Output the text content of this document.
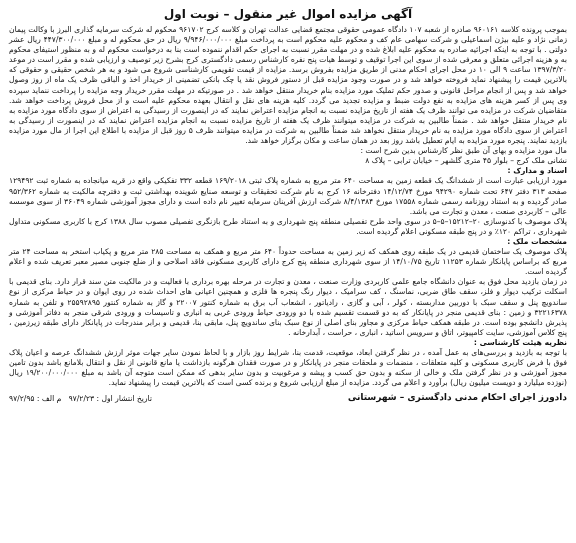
آگهی مزایده اموال غیر منقول – نوبت اول

بموجب پرونده کلاسه ۹۶۰۱۶۱ صادره از شعبه ۱۰۷ دادگاه عمومی حقوقی مجتمع قضایی عدالت تهران و کلاسه کرج ۹۶۱۷۰۲ محکوم له شرکت سرمایه گذاری البرز با وکالت پیمان زمانی نژاد و علیه بیژن اسماعیلی و شرکت سهامی عام کف و محکوم علیه محکوم است به پرداخت مبلغ ۹/۹۴۶/۰۰۰/۰۰۰ ریال در حق محکوم له و مبلغ ۴۴۷/۳۰۰/۰۰۰ ریال عشر دولتی . با توجه به اینکه اجرائیه صادره به محکوم علیه ابلاغ شده و در مهلت مقرر نسبت به اجرای حکم اقدام ننموده است بنا به درخواست محکوم له و به منظور استیفای محکوم به و هزینه اجرائی متعلق و معرفی شده از سوی این اجرا توقیف و توسط هیات پنج نفره کارشناس رسمی دادگستری کرج بشرح زیر توصیف و ارزیابی شده و مقرر است در موعد ۱۳۹۷/۳/۲۰ ساعت ۹ الی ۱۰ در محل اجرای احکام مدنی از طریق مزایده بفروش برسد. مزایده از قیمت تقویمی کارشناسی شروع می شود و به هر شخص حقیقی و حقوقی که بالاترین قیمت را پیشنهاد نماید فروخته خواهد شد و در صورت وجود مزایده قبل از دستور فروش نقد یا چک بانکی تضمینی از خریدار اخذ و الباقی ظرف یک ماه از روز وصول خواهد شد و پس از انجام مراحل قانونی و صدور حکم تملیک مورد مزایده بنام خریدار منتقل خواهد شد . در صورتیکه در مهلت مقرر خریدار وجه مزایده را پرداخت ننماید سپرده وی پس از کسر هزینه های مزایده به نفع دولت ضبط و مزایده تجدید می گردد. کلیه هزینه های نقل و انتقال بعهده محکوم علیه است و از محل فروش پرداخت خواهد شد. متقاضیان شرکت در مزایده می توانند ظرف یک هفته از تاریخ مزایده نسبت به انجام مزایده اعتراض نمایند که در اینصورت از رسیدگی به اعتراض از سوی دادگاه مورد مزایده به نام خریدار منتقل خواهد شد . ضمناً طالبین به شرکت در مزایده میتوانند ظرف یک هفته از تاریخ مزایده نسبت به انجام مزایده اعتراض نمایند که در اینصورت از رسیدگی به اعتراض از سوی دادگاه مورد مزایده به نام خریدار منتقل نخواهد شد ضمناً طالبین به شرکت در مزایده میتوانند ظرف ۵ روز قبل از مزایده با اطلاع این اجرا از مال مورد مزایده بازدید نمایند. پنجره مورد مزایده به ایام تعطیل باشد روز بعد در همان ساعت و مکان برگزار خواهد شد.

مال مورد مزایده و بهای آن طبق نظر کارشناس بدین شرح است :

نشانی ملک کرج – بلوار ۴۵ متری گلشهر – خیابان ترابی – پلاک ۸

اسناد و مدارک :

مورد ارزیابی عبارت است از ششدانگ یک قطعه زمین به مساحت ۶۴۰ متر مربع به شماره پلاک ثبتی ۱۶۹/۲۰۱۸ قطعه ۳۳۲ تفکیکی واقع در قریه میانجاده به شماره ثبت ۱۲۹۴۹۲ صفحه ۳۱۳ دفتر ۶۴۷ تحت شماره ۹۴۲۹۰ مورخ ۱۴/۱۲/۷۴ دفترخانه ۱۶ کرج به نام شرکت تحقیقات و توسعه صنایع شوینده بهداشتی ثبت و دفترچه مالکیت به شماره ۹۵۲/۳۶۲ صادر گردیده و به استناد روزنامه رسمی شماره ۱۷۵۵۸ مورخ ۸/۴/۱۳۸۴ شرکت ارزش آفرینان سرمایه تغییر نام داده است و دارای مجوز آموزشی شماره ۳۶۰۴۹ از سوی موسسه عالی – کاربردی صنعت ، معدن و تجارت می باشد.

پلاک موصوف با کدنوسازی ۲۰–۱۵۲۱۲–۵–۵ در سوی واحد طرح تفصیلی منطقه پنج شهرداری و به استناد طرح بازنگری تفصیلی مصوب سال ۱۳۸۸ کرج با کاربری مسکونی متداول شهرداری ، تراکم ۱۲۰٪ و در پنج طبقه مسکونی اعلام گردیده است.

مشخصات ملک :

پلاک موصوف یک ساختمان قدیمی در یک طبقه روی همکف که زیر زمین به مساحت حدوداً ۶۴۰ متر مربع و همکف به مساحت ۲۸۵ متر مربع و پکیاب استخر به مساحت ۲۴ متر مربع که براساس پایانکار شماره ۱۱۲۵۳ تاریخ ۱۴/۱۰/۷۵ از سوی شهرداری منطقه پنج کرج دارای کاربری مسکونی فاقد اصلاحی و از ضلع جنوبی مصیر معبر تعریف شده و اعلام گردیده است.

در زمان بازدید محل فوق به عنوان دانشگاه جامع علمی کاربردی وزارت صنعت ، معدن و تجارت در مرحله بهره برداری با فعالیت و در مالکیت متن سند قرار دارد. بنای قدیمی با اسکلت ترکیب دیوار و فلز، سقف طاق ضربی، نماسنگ ، کف سرامیک ، دیوار رنگ پنجره ها فلزی و همچنین اعیانی های احداث شده در روی ایوان و در حیاط مرکزی از نوع ساندویچ پنل و سقف سبک با دوربین مداربسته ، کولر ، آبی و گازی ، رادیاتور ، انشعاب آب برق به شماره کنتور ۲۲۰۰۷ و گاز به شماره کنتور ۲۵۵۹۲۸۹۵ و تلفن به شماره ۳۲۲۱۶۳۷۸ و زمین : بنای قدیمی منجر در پایانکار که به دو قسمت تقسیم شده با دو ورودی حیاط ورودی غربی به انباری و تاسیسات و ورودی شرقی منجر به دفاتر آموزشی و پذیرش دانشجو بوده است. در طبقه همکف حیاط مرکزی و مجاور بنای اصلی از نوع سبک بنای ساندویچ پنل، مابقی بنا، قدیمی و برابر مندرجات در پایانکار دارای طبقه زیرزمین ، پنج کلاس آموزشی، سایت کامپیوتر، اتاق و سرویس اساتید ، انباری ، حراست ، آبدارخانه .

نظریه هیئت کارشناسی :

با توجه به بازدید و بررسی‌های به عمل آمده ، در نظر گرفتن ابعاد، موقعیت، قدمت بنا، شرایط روز بازار و با لحاظ نمودن سایر جهات موثر ارزش ششدانگ عرصه و اعیان پلاک فوق با فرض کاربری مسکونی و کلیه متعلقات ، منضمات و ملحقات منجر در پایانکار و در صورت فقدان هرگونه بازداشت یا مانع قانونی از نقل و انتقال بلامانع باشد بدون تامین مجوز آموزشی و در نظر گرفتن ملک و خالی از سکنه و بدون حق کسب و پیشه و مرغوبیت و بدون سایر بدهی که ممکن است متوجه آن باشد به مبلغ ۱۹/۲۰۰/۰۰۰/۰۰۰ ریال (نوزده میلیارد و دویست میلیون ریال) برآورد و اعلام می گردد. مزایده از مبلغ ارزیابی شروع و برنده کسی است که بالاترین قیمت را پیشنهاد نماید.

دادورز اجرای احکام مدنی دادگستری – شهرستانی
تاریخ انتشار اول : ۹۷/۲/۲۳   م الف : ۹۷/۲/۹۵
